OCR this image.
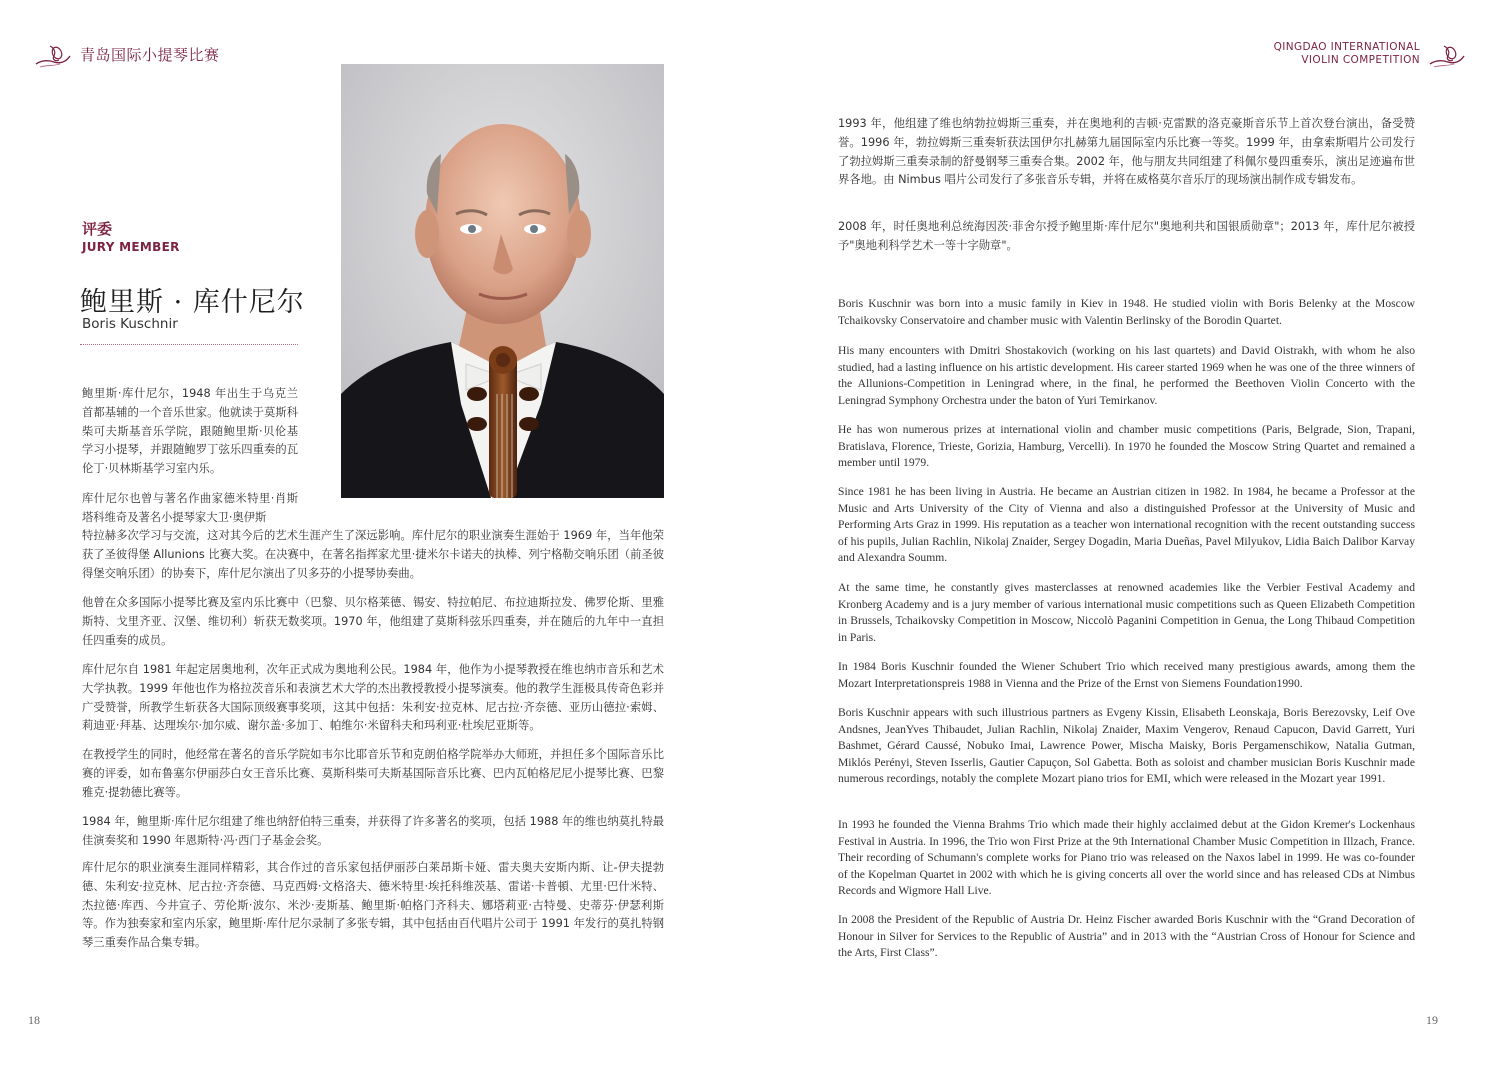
青岛国际小提琴比赛
评委
JURY MEMBER
鲍里斯 · 库什尼尔
Boris Kuschnir

鲍里斯·库什尼尔，1948 年出生于乌克兰首都基辅的一个音乐世家。他就读于莫斯科柴可夫斯基音乐学院，跟随鲍里斯·贝伦基学习小提琴，并跟随鲍罗丁弦乐四重奏的瓦伦丁·贝林斯基学习室内乐。

库什尼尔也曾与著名作曲家德米特里·肖斯塔科维奇及著名小提琴家大卫·奥伊斯

特拉赫多次学习与交流，这对其今后的艺术生涯产生了深远影响。库什尼尔的职业演奏生涯始于 1969 年，当年他荣获了圣彼得堡 Allunions 比赛大奖。在决赛中，在著名指挥家尤里·捷米尔卡诺夫的执棒、列宁格勒交响乐团（前圣彼得堡交响乐团）的协奏下，库什尼尔演出了贝多芬的小提琴协奏曲。

他曾在众多国际小提琴比赛及室内乐比赛中（巴黎、贝尔格莱德、锡安、特拉帕尼、布拉迪斯拉发、佛罗伦斯、里雅斯特、戈里齐亚、汉堡、维切利）斩获无数奖项。1970 年，他组建了莫斯科弦乐四重奏，并在随后的九年中一直担任四重奏的成员。

库什尼尔自 1981 年起定居奥地利，次年正式成为奥地利公民。1984 年，他作为小提琴教授在维也纳市音乐和艺术大学执教。1999 年他也作为格拉茨音乐和表演艺术大学的杰出教授教授小提琴演奏。他的教学生涯极具传奇色彩并广受赞誉，所教学生斩获各大国际顶级赛事奖项，这其中包括：朱利安·拉克林、尼古拉·齐奈德、亚历山德拉·索姆、莉迪亚·拜基、达理埃尔·加尔威、谢尔盖·多加丁、帕维尔·米留科夫和玛利亚·杜埃尼亚斯等。

在教授学生的同时，他经常在著名的音乐学院如韦尔比耶音乐节和克朗伯格学院举办大师班，并担任多个国际音乐比赛的评委，如布鲁塞尔伊丽莎白女王音乐比赛、莫斯科柴可夫斯基国际音乐比赛、巴内瓦帕格尼尼小提琴比赛、巴黎雅克·提勃德比赛等。

1984 年，鲍里斯·库什尼尔组建了维也纳舒伯特三重奏，并获得了许多著名的奖项，包括 1988 年的维也纳莫扎特最佳演奏奖和 1990 年恩斯特·冯·西门子基金会奖。

库什尼尔的职业演奏生涯同样精彩，其合作过的音乐家包括伊丽莎白莱昂斯卡娅、雷夫奥夫安斯内斯、让-伊夫提勃德、朱利安·拉克林、尼古拉·齐奈德、马克西姆·文格洛夫、德米特里·埃托科维茨基、雷诺·卡普頓、尤里·巴什米特、杰拉德·库西、今井宣子、劳伦斯·波尔、米沙·麦斯基、鲍里斯·帕格门齐科夫、娜塔莉亚·古特曼、史蒂芬·伊瑟利斯等。作为独奏家和室内乐家，鲍里斯·库什尼尔录制了多张专辑，其中包括由百代唱片公司于 1991 年发行的莫扎特钢琴三重奏作品合集专辑。

18
QINGDAO INTERNATIONAL
VIOLIN COMPETITION

1993 年，他组建了维也纳勃拉姆斯三重奏，并在奥地利的吉顿·克雷默的洛克豪斯音乐节上首次登台演出，备受赞誉。1996 年，勃拉姆斯三重奏斩获法国伊尔扎赫第九届国际室内乐比赛一等奖。1999 年，由拿索斯唱片公司发行了勃拉姆斯三重奏录制的舒曼钢琴三重奏合集。2002 年，他与朋友共同组建了科佩尔曼四重奏乐，演出足迹遍布世界各地。由 Nimbus 唱片公司发行了多张音乐专辑，并将在威格莫尔音乐厅的现场演出制作成专辑发布。

2008 年，时任奥地利总统海因茨·菲舍尔授予鲍里斯·库什尼尔"奥地利共和国银质勋章"；2013 年，库什尼尔被授予"奥地利科学艺术一等十字勋章"。

Boris Kuschnir was born into a music family in Kiev in 1948. He studied violin with Boris Belenky at the Moscow Tchaikovsky Conservatoire and chamber music with Valentin Berlinsky of the Borodin Quartet.

His many encounters with Dmitri Shostakovich (working on his last quartets) and David Oistrakh, with whom he also studied, had a lasting influence on his artistic development. His career started 1969 when he was one of the three winners of the Allunions-Competition in Leningrad where, in the final, he performed the Beethoven Violin Concerto with the Leningrad Symphony Orchestra under the baton of Yuri Temirkanov.

He has won numerous prizes at international violin and chamber music competitions (Paris, Belgrade, Sion, Trapani, Bratislava, Florence, Trieste, Gorizia, Hamburg, Vercelli). In 1970 he founded the Moscow String Quartet and remained a member until 1979.

Since 1981 he has been living in Austria. He became an Austrian citizen in 1982. In 1984, he became a Professor at the Music and Arts University of the City of Vienna and also a distinguished Professor at the University of Music and Performing Arts Graz in 1999. His reputation as a teacher won international recognition with the recent outstanding success of his pupils, Julian Rachlin, Nikolaj Znaider, Sergey Dogadin, Maria Dueñas, Pavel Milyukov, Lidia Baich Dalibor Karvay and Alexandra Soumm.

At the same time, he constantly gives masterclasses at renowned academies like the Verbier Festival Academy and Kronberg Academy and is a jury member of various international music competitions such as Queen Elizabeth Competition in Brussels, Tchaikovsky Competition in Moscow, Niccolò Paganini Competition in Genua, the Long Thibaud Competition in Paris.

In 1984 Boris Kuschnir founded the Wiener Schubert Trio which received many prestigious awards, among them the Mozart Interpretationspreis 1988 in Vienna and the Prize of the Ernst von Siemens Foundation1990.

Boris Kuschnir appears with such illustrious partners as Evgeny Kissin, Elisabeth Leonskaja, Boris Berezovsky, Leif Ove Andsnes, JeanYves Thibaudet, Julian Rachlin, Nikolaj Znaider, Maxim Vengerov, Renaud Capucon, David Garrett, Yuri Bashmet, Gérard Caussé, Nobuko Imai, Lawrence Power, Mischa Maisky, Boris Pergamenschikow, Natalia Gutman, Miklós Perényi, Steven Isserlis, Gautier Capuçon, Sol Gabetta. Both as soloist and chamber musician Boris Kuschnir made numerous recordings, notably the complete Mozart piano trios for EMI, which were released in the Mozart year 1991.

In 1993 he founded the Vienna Brahms Trio which made their highly acclaimed debut at the Gidon Kremer's Lockenhaus Festival in Austria. In 1996, the Trio won First Prize at the 9th International Chamber Music Competition in Illzach, France. Their recording of Schumann's complete works for Piano trio was released on the Naxos label in 1999. He was co-founder of the Kopelman Quartet in 2002 with which he is giving concerts all over the world since and has released CDs at Nimbus Records and Wigmore Hall Live.

In 2008 the President of the Republic of Austria Dr. Heinz Fischer awarded Boris Kuschnir with the “Grand Decoration of Honour in Silver for Services to the Republic of Austria” and in 2013 with the “Austrian Cross of Honour for Science and the Arts, First Class”.

19
